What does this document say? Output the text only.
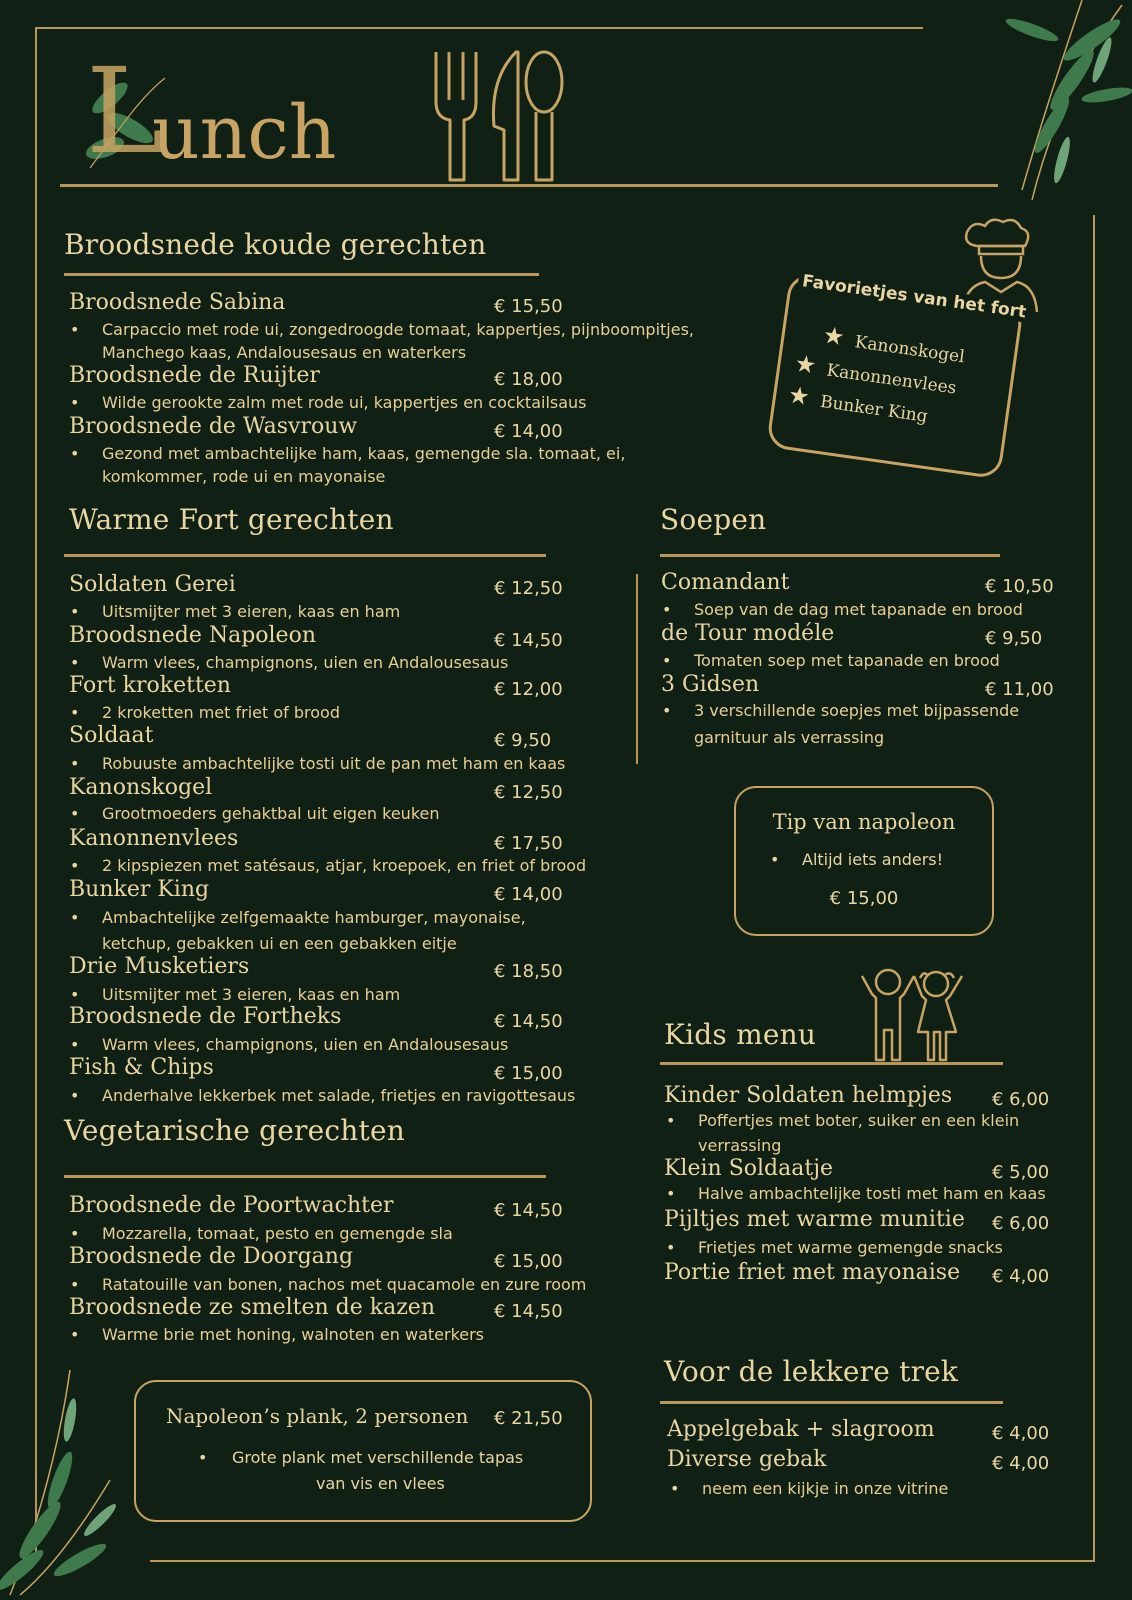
L
unch
Favorietjes van het fort
★ Kanonskogel
★ Kanonnenvlees
★ Bunker King
Broodsnede koude gerechten
Broodsnede Sabina	€ 15,50
• Carpaccio met rode ui, zongedroogde tomaat, kappertjes, pijnboompitjes,
Manchego kaas, Andalousesaus en waterkers
Broodsnede de Ruijter	€ 18,00
• Wilde gerookte zalm met rode ui, kappertjes en cocktailsaus
Broodsnede de Wasvrouw	€ 14,00
• Gezond met ambachtelijke ham, kaas, gemengde sla. tomaat, ei,
komkommer, rode ui en mayonaise
Warme Fort gerechten
Soldaten Gerei	€ 12,50
• Uitsmijter met 3 eieren, kaas en ham
Broodsnede Napoleon	€ 14,50
• Warm vlees, champignons, uien en Andalousesaus
Fort kroketten	€ 12,00
• 2 kroketten met friet of brood
Soldaat	€ 9,50
• Robuuste ambachtelijke tosti uit de pan met ham en kaas
Kanonskogel	€ 12,50
• Grootmoeders gehaktbal uit eigen keuken
Kanonnenvlees	€ 17,50
• 2 kipspiezen met satésaus, atjar, kroepoek, en friet of brood
Bunker King	€ 14,00
• Ambachtelijke zelfgemaakte hamburger, mayonaise,
ketchup, gebakken ui en een gebakken eitje
Drie Musketiers	€ 18,50
• Uitsmijter met 3 eieren, kaas en ham
Broodsnede de Fortheks	€ 14,50
• Warm vlees, champignons, uien en Andalousesaus
Fish & Chips	€ 15,00
• Anderhalve lekkerbek met salade, frietjes en ravigottesaus
Vegetarische gerechten
Broodsnede de Poortwachter	€ 14,50
• Mozzarella, tomaat, pesto en gemengde sla
Broodsnede de Doorgang	€ 15,00
• Ratatouille van bonen, nachos met quacamole en zure room
Broodsnede ze smelten de kazen	€ 14,50
• Warme brie met honing, walnoten en waterkers
Napoleon’s plank, 2 personen € 21,50
• Grote plank met verschillende tapas
van vis en vlees
Soepen
Comandant	€ 10,50
• Soep van de dag met tapanade en brood
de Tour modéle	€ 9,50
• Tomaten soep met tapanade en brood
3 Gidsen	€ 11,00
• 3 verschillende soepjes met bijpassende
garnituur als verrassing
Tip van napoleon
• Altijd iets anders!
€ 15,00
Kids menu
Kinder Soldaten helmpjes € 6,00
• Poffertjes met boter, suiker en een klein
verrassing
Klein Soldaatje	€ 5,00
• Halve ambachtelijke tosti met ham en kaas
Pijltjes met warme munitie € 6,00
• Frietjes met warme gemengde snacks
Portie friet met mayonaise € 4,00
Voor de lekkere trek
Appelgebak + slagroom	€ 4,00
Diverse gebak	€ 4,00
• neem een kijkje in onze vitrine
